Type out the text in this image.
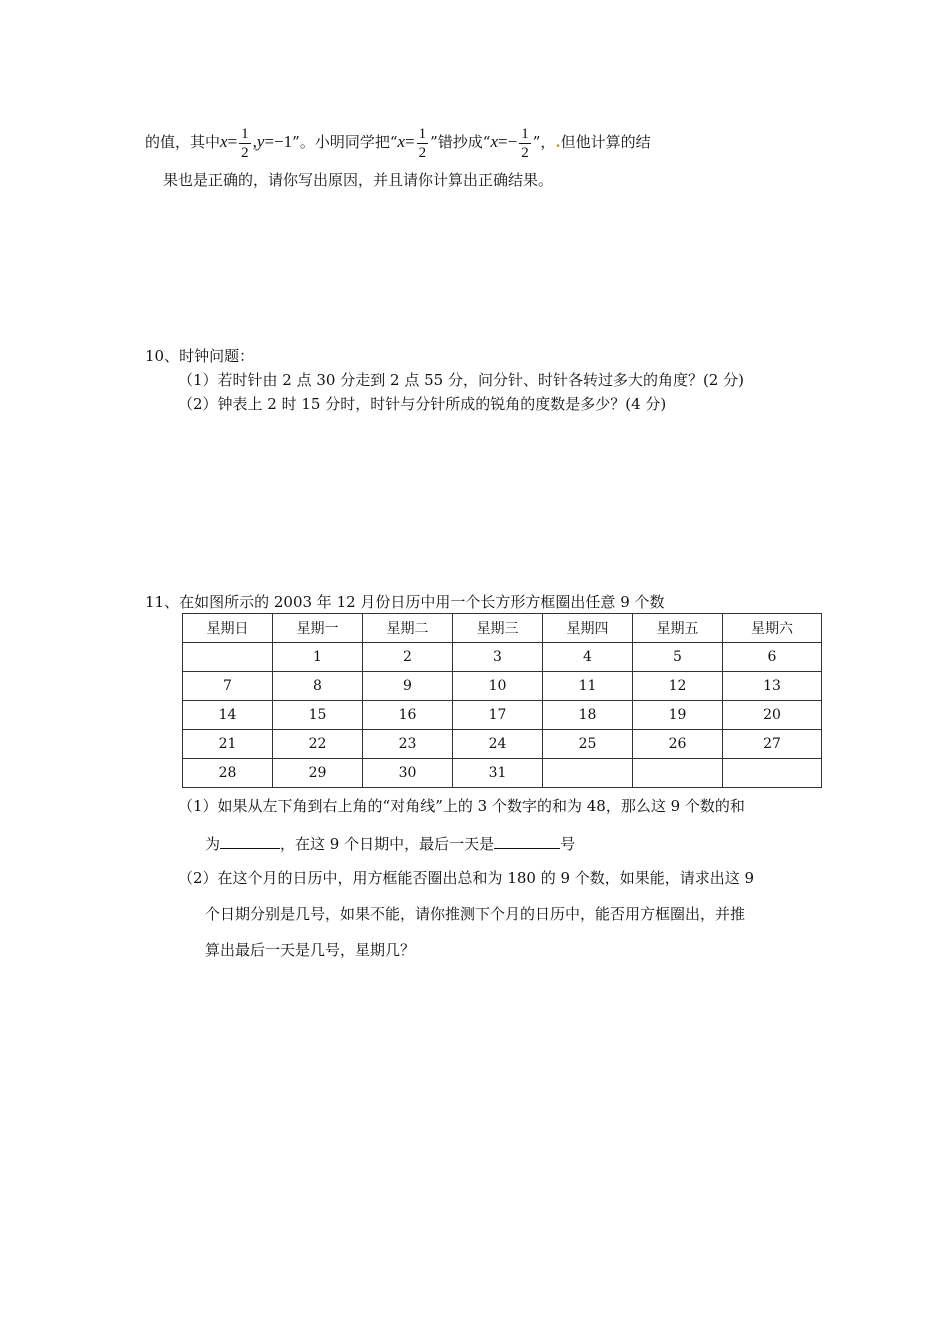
的值，其中$x= \frac{1}{2} ,y=-1$”。小明同学把“$x= \frac{1}{2}$ ”错抄成“$x=- \frac{1}{2}$ ”，.但他计算的结
果也是正确的，请你写出原因，并且请你计算出正确结果。
10、时钟问题：
（1）若时针由 2 点 30 分走到 2 点 55 分，问分针、时针各转过多大的角度？(2 分)
（2）钟表上 2 时 15 分时，时针与分针所成的锐角的度数是多少？(4 分)
11、在如图所示的 2003 年 12 月份日历中用一个长方形方框圈出任意 9 个数
星期日	星期一	星期二	星期三	星期四	星期五	星期六
	1	2	3	4	5	6
7	8	9	10	11	12	13
14	15	16	17	18	19	20
21	22	23	24	25	26	27
28	29	30	31			
（1）如果从左下角到右上角的“对角线”上的 3 个数字的和为 48，那么这 9 个数的和
为	，在这 9 个日期中，最后一天是	号
（2）在这个月的日历中，用方框能否圈出总和为 180 的 9 个数，如果能，请求出这 9
个日期分别是几号，如果不能，请你推测下个月的日历中，能否用方框圈出，并推
算出最后一天是几号，星期几？
